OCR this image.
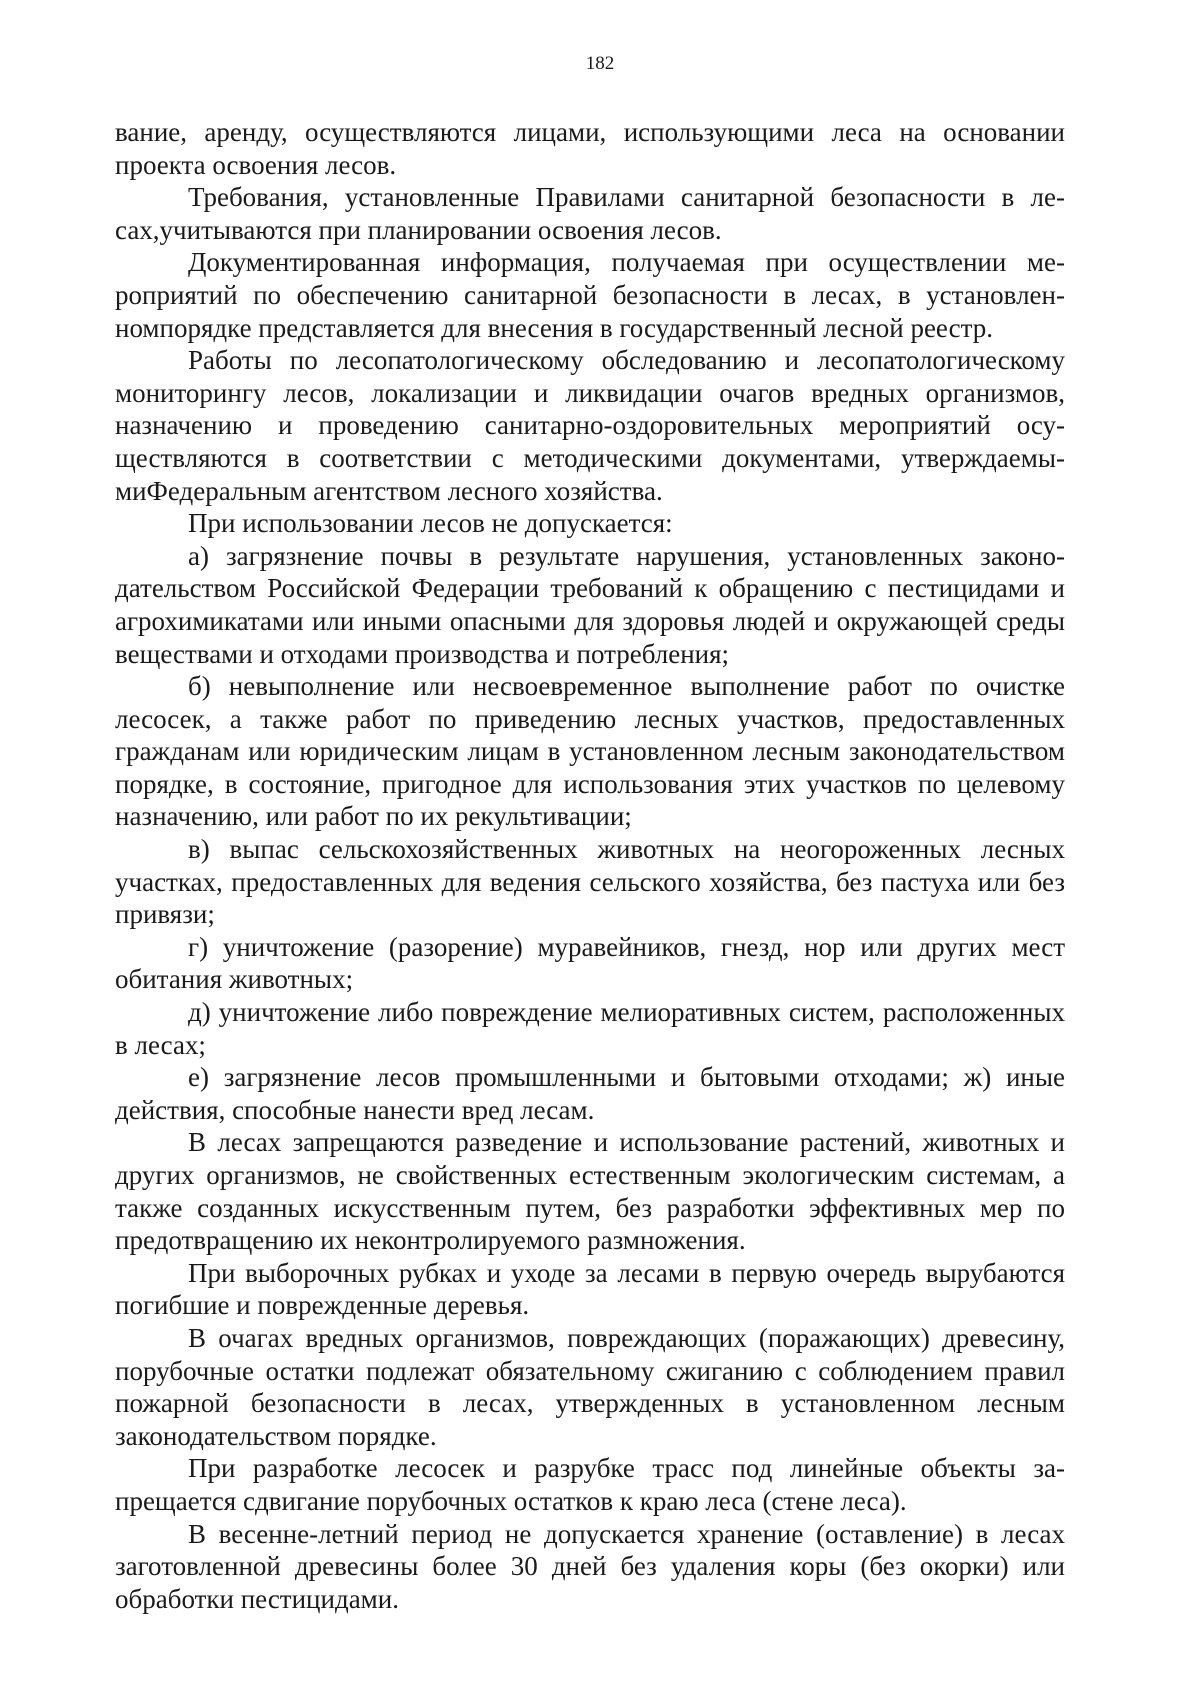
182

вание, аренду, осуществляются лицами, использующими леса на основании проекта освоения лесов.

Требования, установленные Правилами санитарной безопасности в лесах,учитываются при планировании освоения лесов.

Документированная информация, получаемая при осуществлении мероприятий по обеспечению санитарной безопасности в лесах, в установленномпорядке представляется для внесения в государственный лесной реестр.

Работы по лесопатологическому обследованию и лесопатологическому мониторингу лесов, локализации и ликвидации очагов вредных организмов, назначению и проведению санитарно-оздоровительных мероприятий осуществляются в соответствии с методическими документами, утверждаемымиФедеральным агентством лесного хозяйства.

При использовании лесов не допускается:

а) загрязнение почвы в результате нарушения, установленных законодательством Российской Федерации требований к обращению с пестицидами и агрохимикатами или иными опасными для здоровья людей и окружающей среды веществами и отходами производства и потребления;

б) невыполнение или несвоевременное выполнение работ по очистке лесосек, а также работ по приведению лесных участков, предоставленных гражданам или юридическим лицам в установленном лесным законодательством порядке, в состояние, пригодное для использования этих участков по целевому назначению, или работ по их рекультивации;

в) выпас сельскохозяйственных животных на неогороженных лесных участках, предоставленных для ведения сельского хозяйства, без пастуха или без привязи;

г) уничтожение (разорение) муравейников, гнезд, нор или других мест обитания животных;

д) уничтожение либо повреждение мелиоративных систем, расположенных в лесах;

е) загрязнение лесов промышленными и бытовыми отходами; ж) иные действия, способные нанести вред лесам.

В лесах запрещаются разведение и использование растений, животных и других организмов, не свойственных естественным экологическим системам, а также созданных искусственным путем, без разработки эффективных мер по предотвращению их неконтролируемого размножения.

При выборочных рубках и уходе за лесами в первую очередь вырубаются погибшие и поврежденные деревья.

В очагах вредных организмов, повреждающих (поражающих) древесину, порубочные остатки подлежат обязательному сжиганию с соблюдением правил пожарной безопасности в лесах, утвержденных в установленном лесным законодательством порядке.

При разработке лесосек и разрубке трасс под линейные объекты запрещается сдвигание порубочных остатков к краю леса (стене леса).

В весенне-летний период не допускается хранение (оставление) в лесах заготовленной древесины более 30 дней без удаления коры (без окорки) или обработки пестицидами.
